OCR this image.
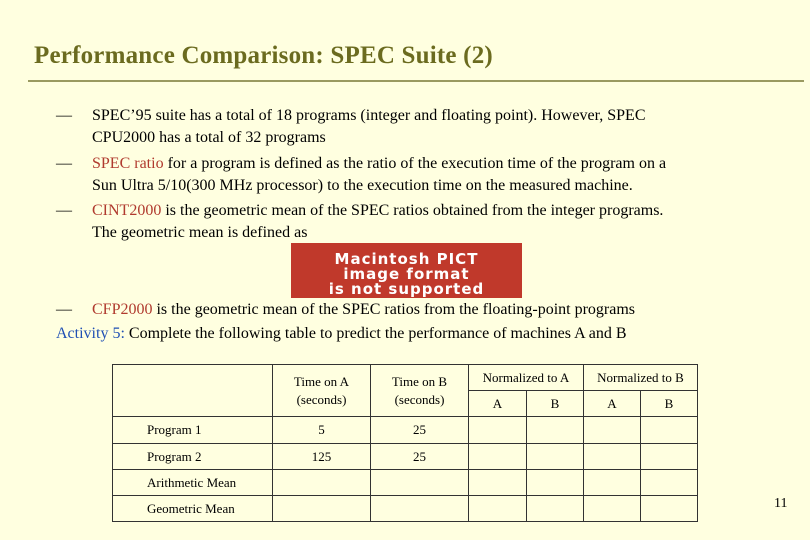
Performance Comparison: SPEC Suite (2)
—	SPEC’95 suite has a total of 18 programs (integer and floating point). However, SPEC
CPU2000 has a total of 32 programs
—	SPEC ratio for a program is defined as the ratio of the execution time of the program on a
Sun Ultra 5/10(300 MHz processor) to the execution time on the measured machine.
—	CINT2000 is the geometric mean of the SPEC ratios obtained from the integer programs.
The geometric mean is defined as
Macintosh PICT
image format
is not supported
—	CFP2000 is the geometric mean of the SPEC ratios from the floating-point programs
Activity 5: Complete the following table to predict the performance of machines A and B
	Time on A (seconds)	Time on B (seconds)	Normalized to A		Normalized to B	
			A	B	A	B
Program 1	5	25				
Program 2	125	25				
Arithmetic Mean						
Geometric Mean							11
